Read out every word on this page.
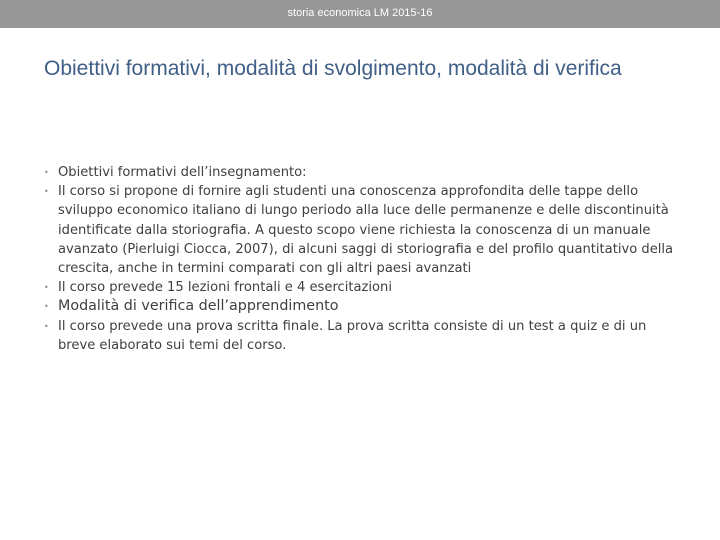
storia economica LM 2015-16
Obiettivi formativi, modalità di svolgimento, modalità di verifica
• Obiettivi formativi dell’insegnamento:
• Il corso si propone di fornire agli studenti una conoscenza approfondita delle tappe dello sviluppo economico italiano di lungo periodo alla luce delle permanenze e delle discontinuità identificate dalla storiografia. A questo scopo viene richiesta la conoscenza di un manuale avanzato (Pierluigi Ciocca, 2007), di alcuni saggi di storiografia e del profilo quantitativo della crescita, anche in termini comparati con gli altri paesi avanzati
• Il corso prevede 15 lezioni frontali e 4 esercitazioni
• Modalità di verifica dell’apprendimento
• Il corso prevede una prova scritta finale. La prova scritta consiste di un test a quiz e di un breve elaborato sui temi del corso.
